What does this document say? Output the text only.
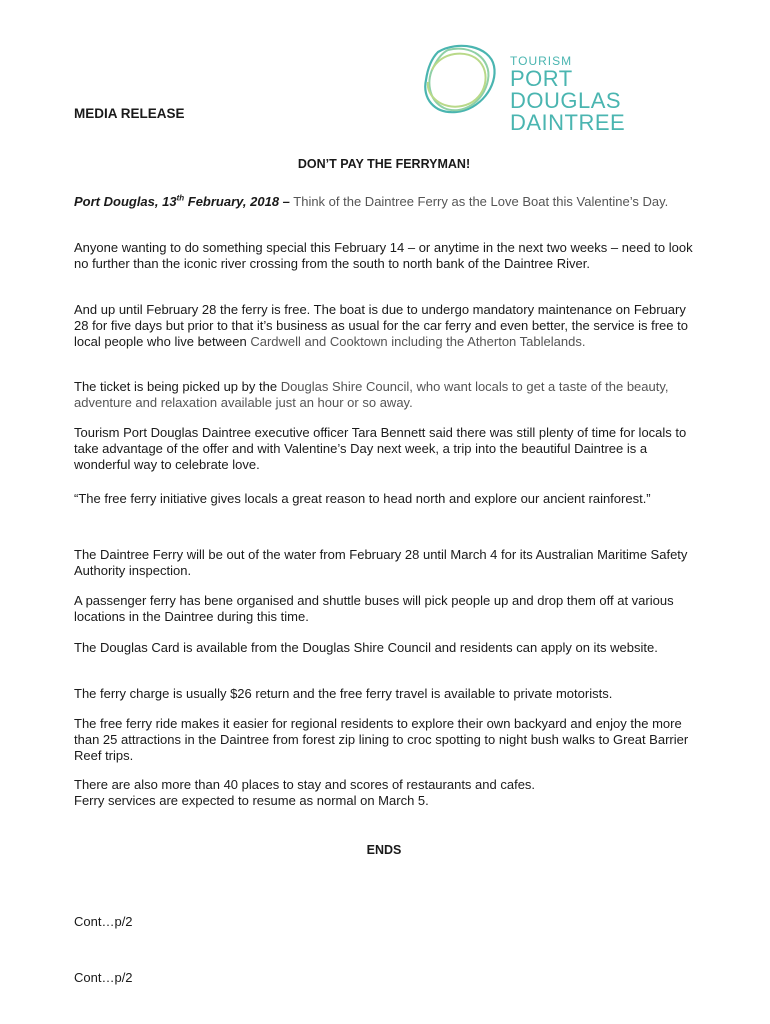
TOURISM
PORT DOUGLAS
DAINTREE
MEDIA RELEASE
DON’T PAY THE FERRYMAN!

Port Douglas, 13th February, 2018 – Think of the Daintree Ferry as the Love Boat this Valentine’s Day.

Anyone wanting to do something special this February 14 – or anytime in the next two weeks – need to look no further than the iconic river crossing from the south to north bank of the Daintree River.

And up until February 28 the ferry is free. The boat is due to undergo mandatory maintenance on February 28 for five days but prior to that it’s business as usual for the car ferry and even better, the service is free to local people who live between Cardwell and Cooktown including the Atherton Tablelands.

The ticket is being picked up by the Douglas Shire Council, who want locals to get a taste of the beauty, adventure and relaxation available just an hour or so away.

Tourism Port Douglas Daintree executive officer Tara Bennett said there was still plenty of time for locals to take advantage of the offer and with Valentine’s Day next week, a trip into the beautiful Daintree is a wonderful way to celebrate love.

“The free ferry initiative gives locals a great reason to head north and explore our ancient rainforest.”

The Daintree Ferry will be out of the water from February 28 until March 4 for its Australian Maritime Safety Authority inspection.

A passenger ferry has bene organised and shuttle buses will pick people up and drop them off at various locations in the Daintree during this time.

The Douglas Card is available from the Douglas Shire Council and residents can apply on its website.

The ferry charge is usually $26 return and the free ferry travel is available to private motorists.

The free ferry ride makes it easier for regional residents to explore their own backyard and enjoy the more than 25 attractions in the Daintree from forest zip lining to croc spotting to night bush walks to Great Barrier Reef trips.

There are also more than 40 places to stay and scores of restaurants and cafes.
Ferry services are expected to resume as normal on March 5.

ENDS
Cont…p/2
Cont…p/2
